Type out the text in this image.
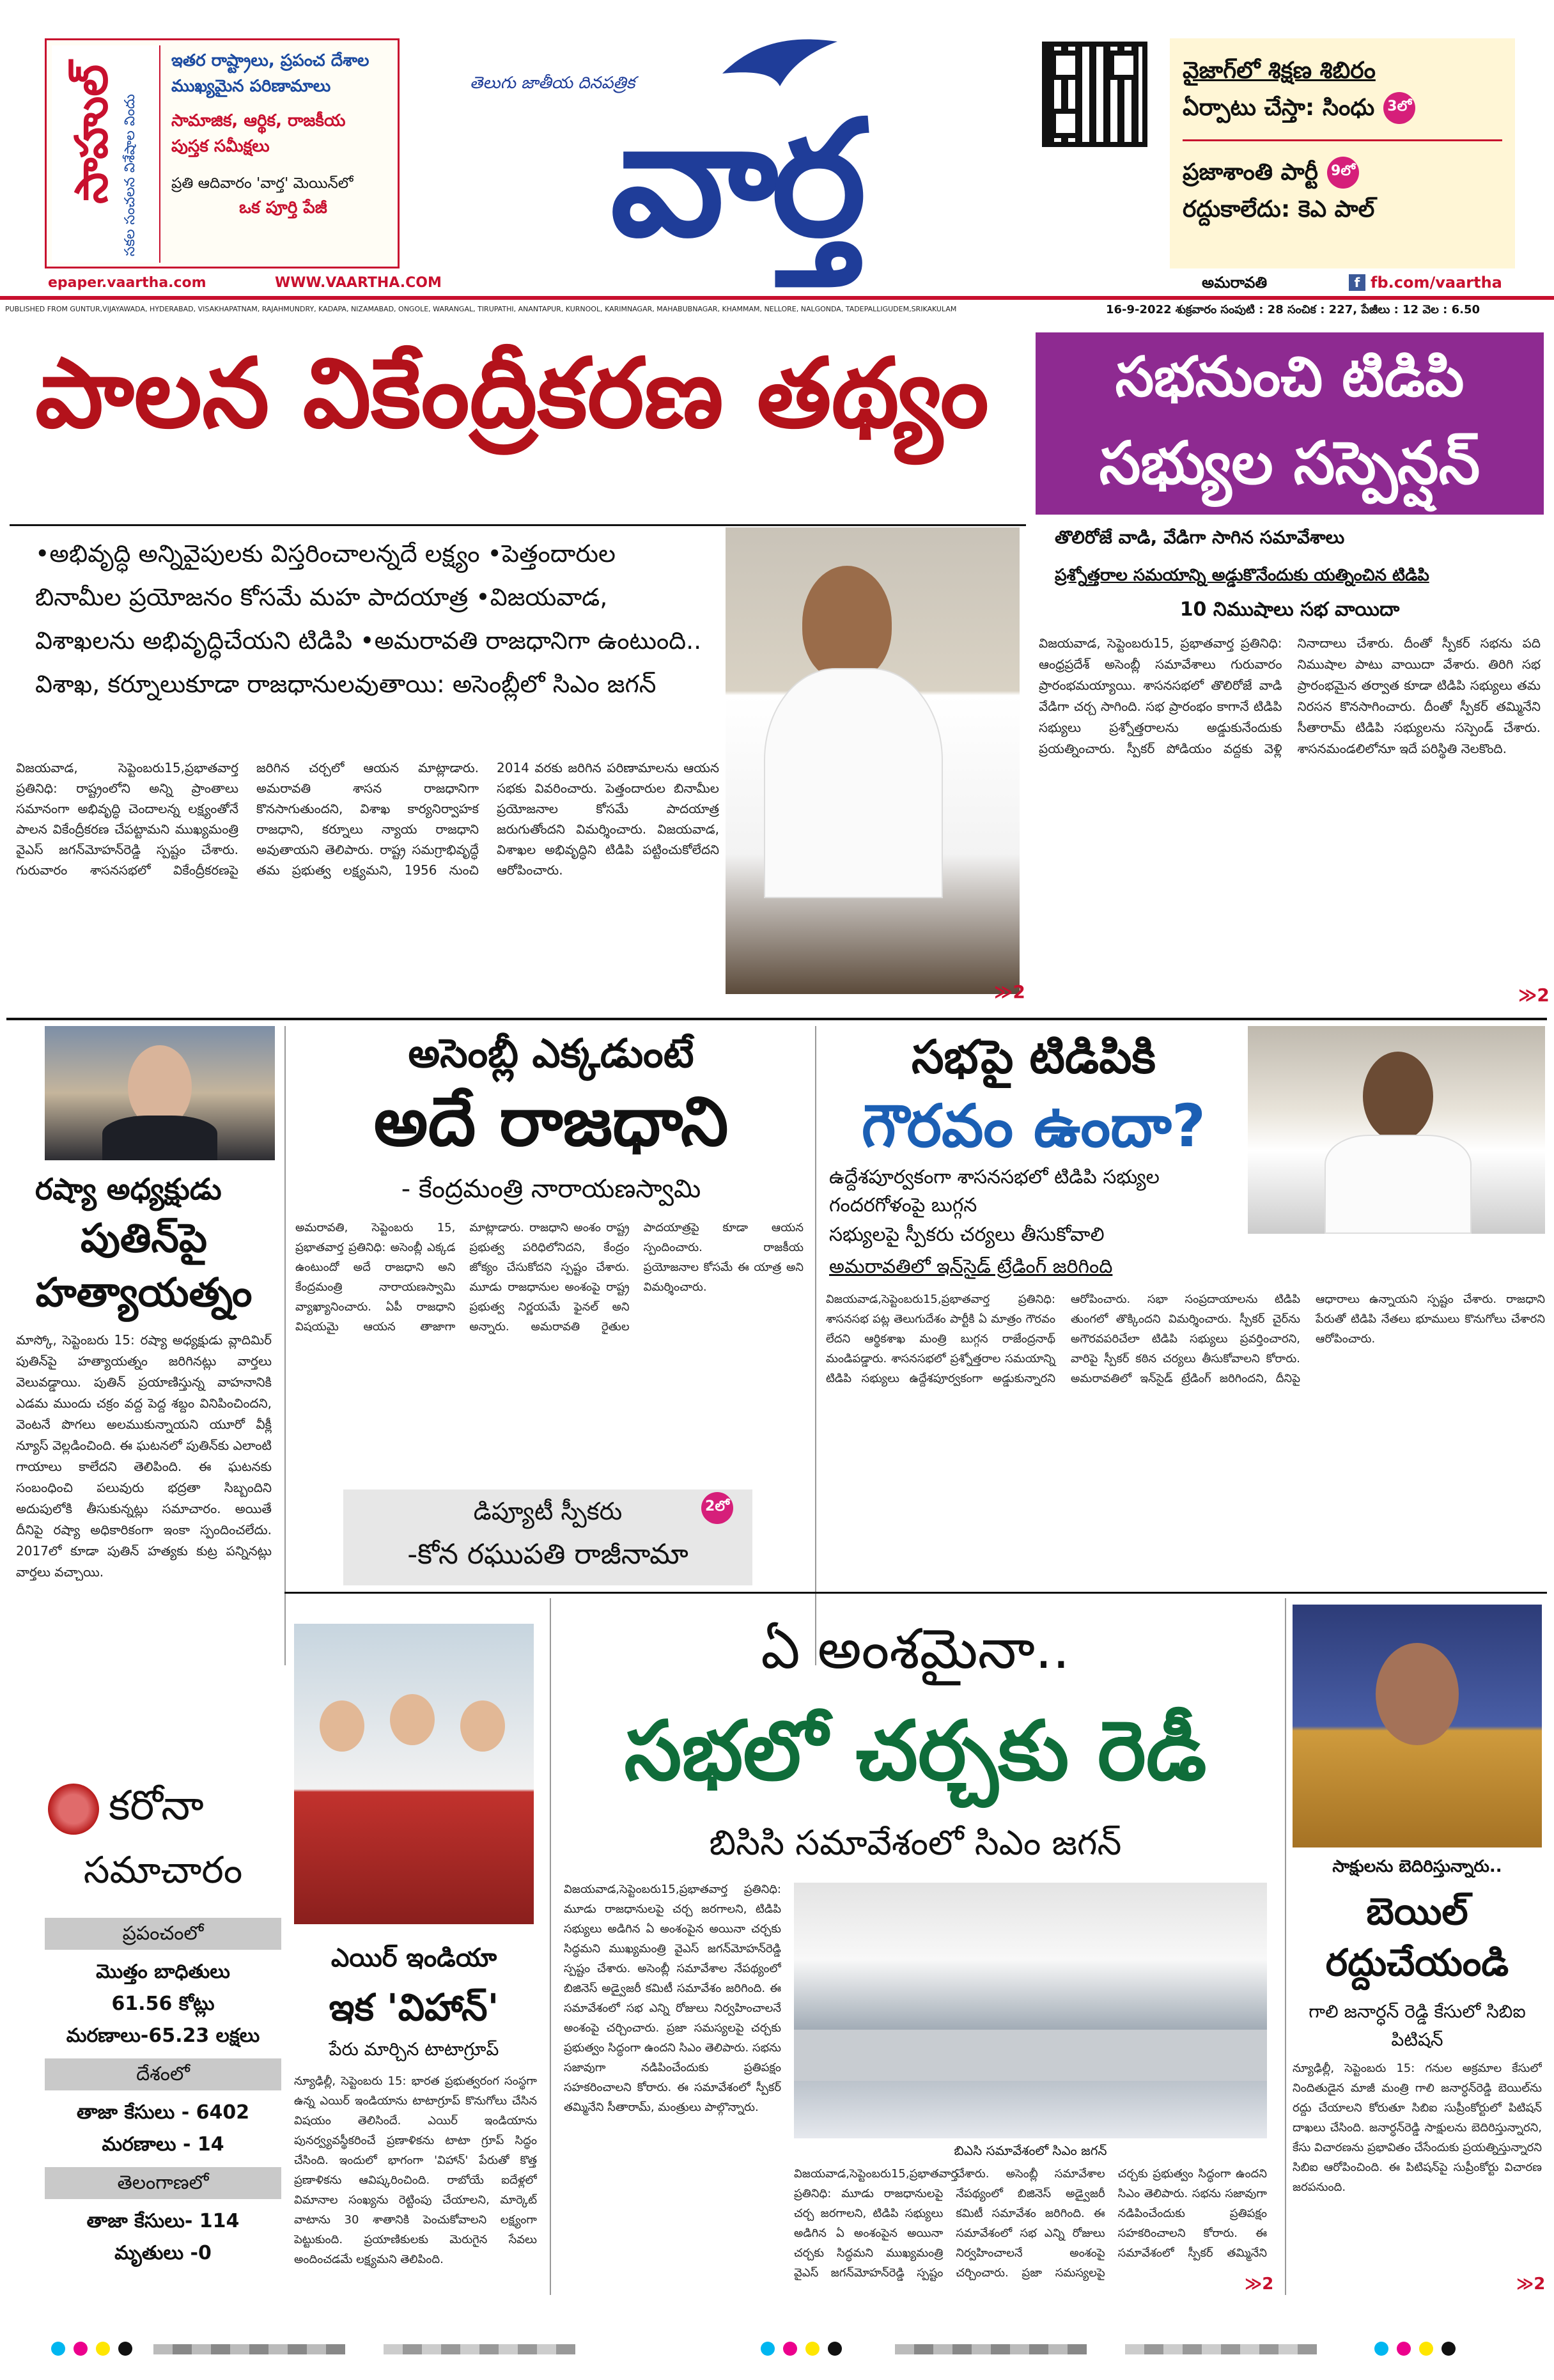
సాహుల్ సకల సంచలన విశేషాల విందు
ఇతర రాష్ట్రాలు, ప్రపంచ దేశాల
ముఖ్యమైన పరిణామాలు
సామాజిక, ఆర్థిక, రాజకీయ
పుస్తక సమీక్షలు
ప్రతి ఆదివారం 'వార్త' మెయిన్‌లో
ఒక పూర్తి పేజీ
epaper.vaartha.com	WWW.VAARTHA.COM
తెలుగు జాతీయ దినపత్రిక
వార్త
వైజాగ్‌లో శిక్షణ శిబిరం
ఏర్పాటు చేస్తా: సింధు 3లో
ప్రజాశాంతి పార్టీ 9లో
రద్దుకాలేదు: కెఎ పాల్
అమరావతి	f fb.com/vaartha
PUBLISHED FROM GUNTUR,VIJAYAWADA, HYDERABAD, VISAKHAPATNAM, RAJAHMUNDRY, KADAPA, NIZAMABAD, ONGOLE, WARANGAL, TIRUPATHI, ANANTAPUR, KURNOOL, KARIMNAGAR, MAHABUBNAGAR, KHAMMAM, NELLORE, NALGONDA, TADEPALLIGUDEM,SRIKAKULAM	16-9-2022 శుక్రవారం సంపుటి : 28 సంచిక : 227, పేజీలు : 12 వెల : 6.50
పాలన వికేంద్రీకరణ తథ్యం
•అభివృద్ధి అన్నివైపులకు విస్తరించాలన్నదే లక్ష్యం •పెత్తందారుల బినామీల ప్రయోజనం కోసమే మహ పాదయాత్ర •విజయవాడ, విశాఖలను అభివృద్ధిచేయని టిడిపి •అమరావతి రాజధానిగా ఉంటుంది.. విశాఖ, కర్నూలుకూడా రాజధానులవుతాయి: అసెంబ్లీలో సిఎం జగన్
విజయవాడ, సెప్టెంబరు15,ప్రభాతవార్త ప్రతినిధి: రాష్ట్రంలోని అన్ని ప్రాంతాలు సమానంగా అభివృద్ధి చెందాలన్న లక్ష్యంతోనే పాలన వికేంద్రీకరణ చేపట్టామని ముఖ్యమంత్రి వైఎస్ జగన్‌మోహన్‌రెడ్డి స్పష్టం చేశారు. గురువారం శాసనసభలో వికేంద్రీకరణపై జరిగిన చర్చలో ఆయన మాట్లాడారు. అమరావతి శాసన రాజధానిగా కొనసాగుతుందని, విశాఖ కార్యనిర్వాహక రాజధాని, కర్నూలు న్యాయ రాజధాని అవుతాయని తెలిపారు. రాష్ట్ర సమగ్రాభివృద్ధే తమ ప్రభుత్వ లక్ష్యమని, 1956 నుంచి 2014 వరకు జరిగిన పరిణామాలను ఆయన సభకు వివరించారు. పెత్తందారుల బినామీల ప్రయోజనాల కోసమే పాదయాత్ర జరుగుతోందని విమర్శించారు. విజయవాడ, విశాఖల అభివృద్ధిని టిడిపి పట్టించుకోలేదని ఆరోపించారు.
≫2
సభనుంచి టిడిపి
సభ్యుల సస్పెన్షన్
తొలిరోజే వాడి, వేడిగా సాగిన సమావేశాలు
ప్రశ్నోత్తరాల సమయాన్ని అడ్డుకొనేందుకు యత్నించిన టిడిపి
10 నిముషాలు సభ వాయిదా
విజయవాడ, సెప్టెంబరు15, ప్రభాతవార్త ప్రతినిధి: ఆంధ్రప్రదేశ్ అసెంబ్లీ సమావేశాలు గురువారం ప్రారంభమయ్యాయి. శాసనసభలో తొలిరోజే వాడి వేడిగా చర్చ సాగింది. సభ ప్రారంభం కాగానే టిడిపి సభ్యులు ప్రశ్నోత్తరాలను అడ్డుకునేందుకు ప్రయత్నించారు. స్పీకర్ పోడియం వద్దకు వెళ్లి నినాదాలు చేశారు. దీంతో స్పీకర్ సభను పది నిముషాల పాటు వాయిదా వేశారు. తిరిగి సభ ప్రారంభమైన తర్వాత కూడా టిడిపి సభ్యులు తమ నిరసన కొనసాగించారు. దీంతో స్పీకర్ తమ్మినేని సీతారామ్ టిడిపి సభ్యులను సస్పెండ్ చేశారు. శాసనమండలిలోనూ ఇదే పరిస్థితి నెలకొంది.
≫2
రష్యా అధ్యక్షుడు
పుతిన్‌పై
హత్యాయత్నం
మాస్కో, సెప్టెంబరు 15: రష్యా అధ్యక్షుడు వ్లాదిమిర్ పుతిన్‌పై హత్యాయత్నం జరిగినట్లు వార్తలు వెలువడ్డాయి. పుతిన్ ప్రయాణిస్తున్న వాహనానికి ఎడమ ముందు చక్రం వద్ద పెద్ద శబ్దం వినిపించిందని, వెంటనే పొగలు అలముకున్నాయని యూరో వీక్లీ న్యూస్ వెల్లడించింది. ఈ ఘటనలో పుతిన్‌కు ఎలాంటి గాయాలు కాలేదని తెలిపింది. ఈ ఘటనకు సంబంధించి పలువురు భద్రతా సిబ్బందిని అదుపులోకి తీసుకున్నట్లు సమాచారం. అయితే దీనిపై రష్యా అధికారికంగా ఇంకా స్పందించలేదు. 2017లో కూడా పుతిన్ హత్యకు కుట్ర పన్నినట్లు వార్తలు వచ్చాయి.
అసెంబ్లీ ఎక్కడుంటే
అదే రాజధాని
- కేంద్రమంత్రి నారాయణస్వామి
అమరావతి, సెప్టెంబరు 15, ప్రభాతవార్త ప్రతినిధి: అసెంబ్లీ ఎక్కడ ఉంటుందో అదే రాజధాని అని కేంద్రమంత్రి నారాయణస్వామి వ్యాఖ్యానించారు. ఏపీ రాజధాని విషయమై ఆయన తాజాగా మాట్లాడారు. రాజధాని అంశం రాష్ట్ర ప్రభుత్వ పరిధిలోనిదని, కేంద్రం జోక్యం చేసుకోదని స్పష్టం చేశారు. మూడు రాజధానుల అంశంపై రాష్ట్ర ప్రభుత్వ నిర్ణయమే ఫైనల్ అని అన్నారు. అమరావతి రైతుల పాదయాత్రపై కూడా ఆయన స్పందించారు. రాజకీయ ప్రయోజనాల కోసమే ఈ యాత్ర అని విమర్శించారు.
డిప్యూటీ స్పీకరు
-కోన రఘుపతి రాజీనామా
2లో
సభపై టిడిపికి
గౌరవం ఉందా?
ఉద్దేశపూర్వకంగా శాసనసభలో టిడిపి సభ్యుల గందరగోళంపై బుగ్గన
సభ్యులపై స్పీకరు చర్యలు తీసుకోవాలి
అమరావతిలో ఇన్‌సైడ్ ట్రేడింగ్ జరిగింది
విజయవాడ,సెప్టెంబరు15,ప్రభాతవార్త ప్రతినిధి: శాసనసభ పట్ల తెలుగుదేశం పార్టీకి ఏ మాత్రం గౌరవం లేదని ఆర్థికశాఖ మంత్రి బుగ్గన రాజేంద్రనాథ్ మండిపడ్డారు. శాసనసభలో ప్రశ్నోత్తరాల సమయాన్ని టిడిపి సభ్యులు ఉద్దేశపూర్వకంగా అడ్డుకున్నారని ఆరోపించారు. సభా సంప్రదాయాలను టిడిపి తుంగలో తొక్కిందని విమర్శించారు. స్పీకర్ చైర్‌ను అగౌరవపరిచేలా టిడిపి సభ్యులు ప్రవర్తించారని, వారిపై స్పీకర్ కఠిన చర్యలు తీసుకోవాలని కోరారు. అమరావతిలో ఇన్‌సైడ్ ట్రేడింగ్ జరిగిందని, దీనిపై ఆధారాలు ఉన్నాయని స్పష్టం చేశారు. రాజధాని పేరుతో టిడిపి నేతలు భూములు కొనుగోలు చేశారని ఆరోపించారు.
ఎయిర్ ఇండియా
ఇక 'విహాన్'
పేరు మార్చిన టాటాగ్రూప్
న్యూఢిల్లీ, సెప్టెంబరు 15: భారత ప్రభుత్వరంగ సంస్థగా ఉన్న ఎయిర్ ఇండియాను టాటాగ్రూప్ కొనుగోలు చేసిన విషయం తెలిసిందే. ఎయిర్ ఇండియాను పునర్వ్యవస్థీకరించే ప్రణాళికను టాటా గ్రూప్ సిద్ధం చేసింది. ఇందులో భాగంగా 'విహాన్' పేరుతో కొత్త ప్రణాళికను ఆవిష్కరించింది. రాబోయే ఐదేళ్లలో విమానాల సంఖ్యను రెట్టింపు చేయాలని, మార్కెట్ వాటాను 30 శాతానికి పెంచుకోవాలని లక్ష్యంగా పెట్టుకుంది. ప్రయాణికులకు మెరుగైన సేవలు అందించడమే లక్ష్యమని తెలిపింది.
ఏ అంశమైనా..
సభలో చర్చకు రెడీ
బిసిసి సమావేశంలో సిఎం జగన్
విజయవాడ,సెప్టెంబరు15,ప్రభాతవార్త ప్రతినిధి: మూడు రాజధానులపై చర్చ జరగాలని, టిడిపి సభ్యులు అడిగిన ఏ అంశంపైన అయినా చర్చకు సిద్ధమని ముఖ్యమంత్రి వైఎస్ జగన్‌మోహన్‌రెడ్డి స్పష్టం చేశారు. అసెంబ్లీ సమావేశాల నేపథ్యంలో బిజినెస్ అడ్వైజరీ కమిటీ సమావేశం జరిగింది. ఈ సమావేశంలో సభ ఎన్ని రోజులు నిర్వహించాలనే అంశంపై చర్చించారు. ప్రజా సమస్యలపై చర్చకు ప్రభుత్వం సిద్ధంగా ఉందని సిఎం తెలిపారు. సభను సజావుగా నడిపించేందుకు ప్రతిపక్షం సహకరించాలని కోరారు. ఈ సమావేశంలో స్పీకర్ తమ్మినేని సీతారామ్, మంత్రులు పాల్గొన్నారు.
బిఎసి సమావేశంలో సిఎం జగన్
విజయవాడ,సెప్టెంబరు15,ప్రభాతవార్త ప్రతినిధి: మూడు రాజధానులపై చర్చ జరగాలని, టిడిపి సభ్యులు అడిగిన ఏ అంశంపైన అయినా చర్చకు సిద్ధమని ముఖ్యమంత్రి వైఎస్ జగన్‌మోహన్‌రెడ్డి స్పష్టం చేశారు. అసెంబ్లీ సమావేశాల నేపథ్యంలో బిజినెస్ అడ్వైజరీ కమిటీ సమావేశం జరిగింది. ఈ సమావేశంలో సభ ఎన్ని రోజులు నిర్వహించాలనే అంశంపై చర్చించారు. ప్రజా సమస్యలపై చర్చకు ప్రభుత్వం సిద్ధంగా ఉందని సిఎం తెలిపారు. సభను సజావుగా నడిపించేందుకు ప్రతిపక్షం సహకరించాలని కోరారు. ఈ సమావేశంలో స్పీకర్ తమ్మినేని
≫2
సాక్షులను బెదిరిస్తున్నారు..
బెయిల్
రద్దుచేయండి
గాలి జనార్ధన్ రెడ్డి కేసులో సిబిఐ పిటిషన్
న్యూఢిల్లీ, సెప్టెంబరు 15: గనుల అక్రమాల కేసులో నిందితుడైన మాజీ మంత్రి గాలి జనార్ధన్‌రెడ్డి బెయిల్‌ను రద్దు చేయాలని కోరుతూ సిబిఐ సుప్రీంకోర్టులో పిటిషన్ దాఖలు చేసింది. జనార్ధన్‌రెడ్డి సాక్షులను బెదిరిస్తున్నారని, కేసు విచారణను ప్రభావితం చేసేందుకు ప్రయత్నిస్తున్నారని సిబిఐ ఆరోపించింది. ఈ పిటిషన్‌పై సుప్రీంకోర్టు విచారణ జరపనుంది.
≫2
కరోనా
సమాచారం
ప్రపంచంలో
మొత్తం బాధితులు
61.56 కోట్లు
మరణాలు-65.23 లక్షలు
దేశంలో
తాజా కేసులు - 6402
మరణాలు - 14
తెలంగాణలో
తాజా కేసులు- 114
మృతులు -0
